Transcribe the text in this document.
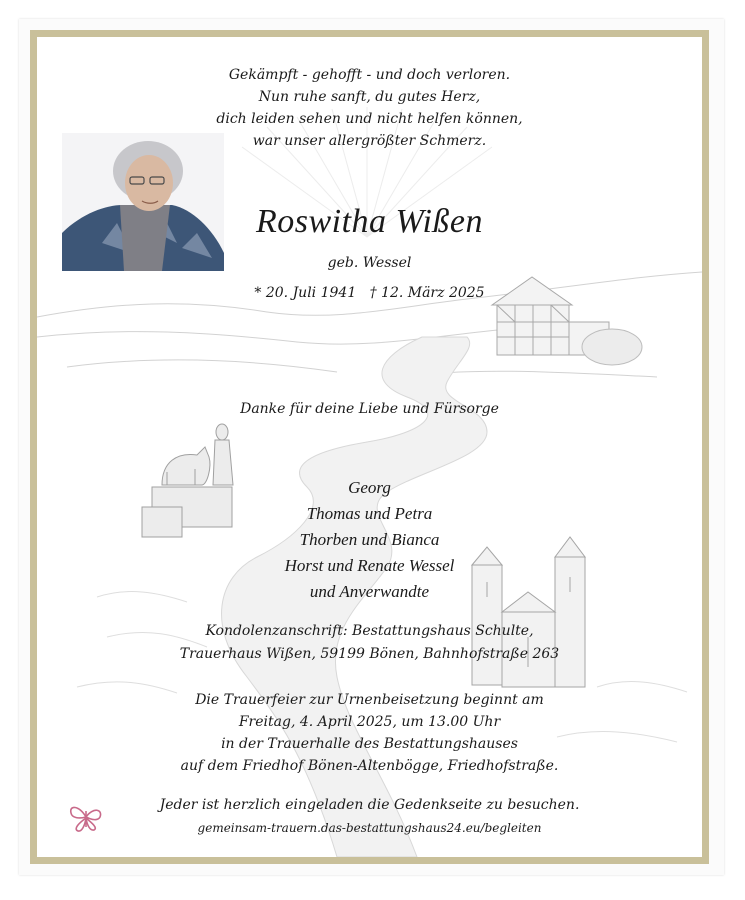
Gekämpft - gehofft - und doch verloren.
Nun ruhe sanft, du gutes Herz,
dich leiden sehen und nicht helfen können,
war unser allergrößter Schmerz.
Roswitha Wißen
geb. Wessel
* 20. Juli 1941   † 12. März 2025
Danke für deine Liebe und Fürsorge
Georg
Thomas und Petra
Thorben und Bianca
Horst und Renate Wessel
und Anverwandte
Kondolenzanschrift: Bestattungshaus Schulte,
Trauerhaus Wißen, 59199 Bönen, Bahnhofstraße 263
Die Trauerfeier zur Urnenbeisetzung beginnt am
Freitag, 4. April 2025, um 13.00 Uhr
in der Trauerhalle des Bestattungshauses
auf dem Friedhof Bönen-Altenbögge, Friedhofstraße.
Jeder ist herzlich eingeladen die Gedenkseite zu besuchen.
gemeinsam-trauern.das-bestattungshaus24.eu/begleiten
